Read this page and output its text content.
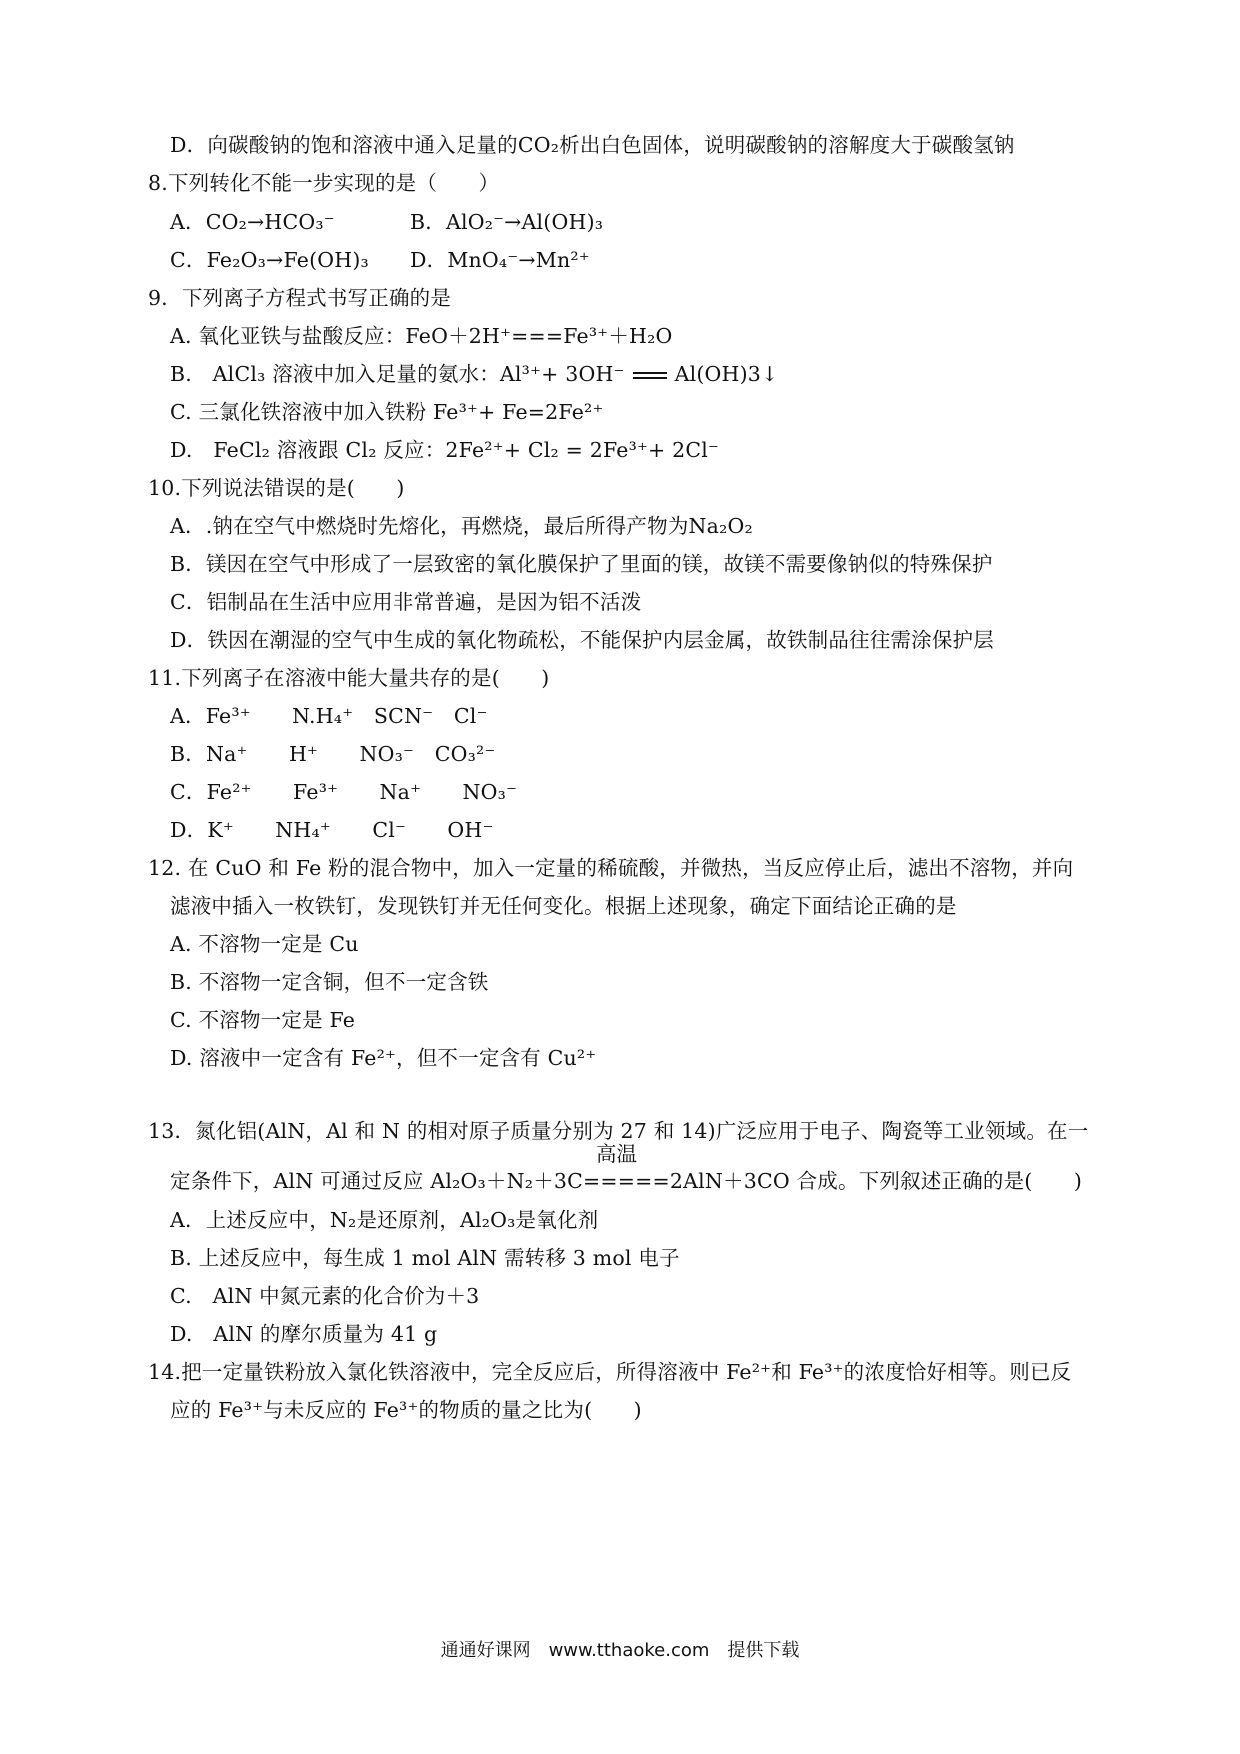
D．向碳酸钠的饱和溶液中通入足量的CO₂析出白色固体，说明碳酸钠的溶解度大于碳酸氢钠
8.下列转化不能一步实现的是（　　）
A．CO₂→HCO₃⁻	B．AlO₂⁻→Al(OH)₃
C．Fe₂O₃→Fe(OH)₃ D．MnO₄⁻→Mn²⁺
9．下列离子方程式书写正确的是
A. 氧化亚铁与盐酸反应：FeO＋2H⁺===Fe³⁺＋H₂O
B.　AlCl₃ 溶液中加入足量的氨水：Al³⁺+ 3OH⁻ Al(OH)3↓
C. 三氯化铁溶液中加入铁粉 Fe³⁺+ Fe=2Fe²⁺
D.　FeCl₂ 溶液跟 Cl₂ 反应：2Fe²⁺+ Cl₂ = 2Fe³⁺+ 2Cl⁻
10.下列说法错误的是(　　)
A．.钠在空气中燃烧时先熔化，再燃烧，最后所得产物为Na₂O₂
B．镁因在空气中形成了一层致密的氧化膜保护了里面的镁，故镁不需要像钠似的特殊保护
C．铝制品在生活中应用非常普遍，是因为铝不活泼
D．铁因在潮湿的空气中生成的氧化物疏松，不能保护内层金属，故铁制品往往需涂保护层
11.下列离子在溶液中能大量共存的是(　　)
A．Fe³⁺　　N.H₄⁺　SCN⁻　Cl⁻
B．Na⁺　　H⁺　　NO₃⁻　CO₃²⁻
C．Fe²⁺　　Fe³⁺　　Na⁺　　NO₃⁻
D．K⁺　　NH₄⁺　　Cl⁻　　OH⁻
12. 在 CuO 和 Fe 粉的混合物中，加入一定量的稀硫酸，并微热，当反应停止后，滤出不溶物，并向
滤液中插入一枚铁钉，发现铁钉并无任何变化。根据上述现象，确定下面结论正确的是
A. 不溶物一定是 Cu
B. 不溶物一定含铜，但不一定含铁
C. 不溶物一定是 Fe
D. 溶液中一定含有 Fe²⁺，但不一定含有 Cu²⁺
13．氮化铝(AlN，Al 和 N 的相对原子质量分别为 27 和 14)广泛应用于电子、陶瓷等工业领域。在一
高温
定条件下，AlN 可通过反应 Al₂O₃＋N₂＋3C=====2AlN＋3CO 合成。下列叙述正确的是(　　)
A．上述反应中，N₂是还原剂，Al₂O₃是氧化剂
B. 上述反应中，每生成 1 mol AlN 需转移 3 mol 电子
C.　AlN 中氮元素的化合价为＋3
D.　AlN 的摩尔质量为 41 g
14.把一定量铁粉放入氯化铁溶液中，完全反应后，所得溶液中 Fe²⁺和 Fe³⁺的浓度恰好相等。则已反
应的 Fe³⁺与未反应的 Fe³⁺的物质的量之比为(　　)
通通好课网　www.tthaoke.com　提供下载
